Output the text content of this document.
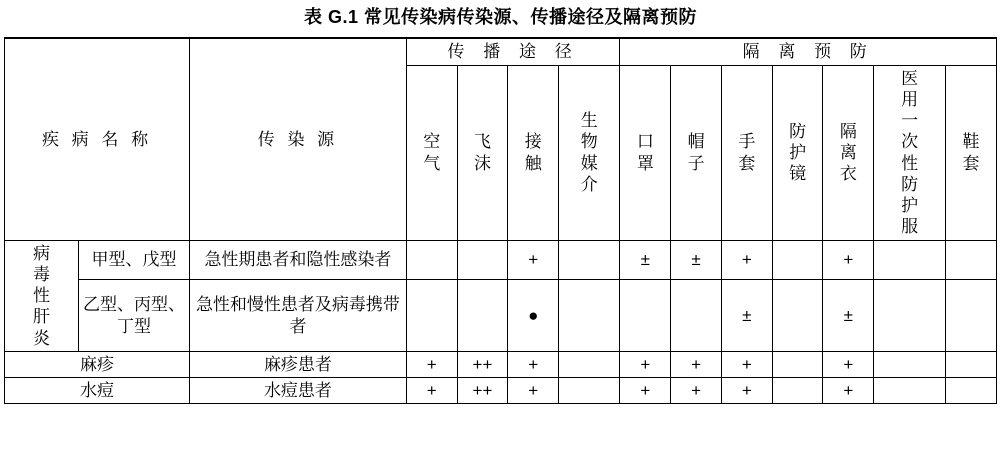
表 G.1 常见传染病传染源、传播途径及隔离预防
疾 病 名 称		传 染 源	传 播 途 径				隔 离 预 防						

			空气	飞沫	接触	生物媒介	口罩	帽子	手套	防护镜	隔离衣	医用一次性防护服	鞋套

病毒性肝炎	甲型、戊型	急性期患者和隐性感染者			+		±	±	+		+		
	乙型、丙型、丁型	急性和慢性患者及病毒携带者			●				±		±		
麻疹		麻疹患者	+	++	+		+	+	+		+		
水痘		水痘患者	+	++	+		+	+	+		+		
